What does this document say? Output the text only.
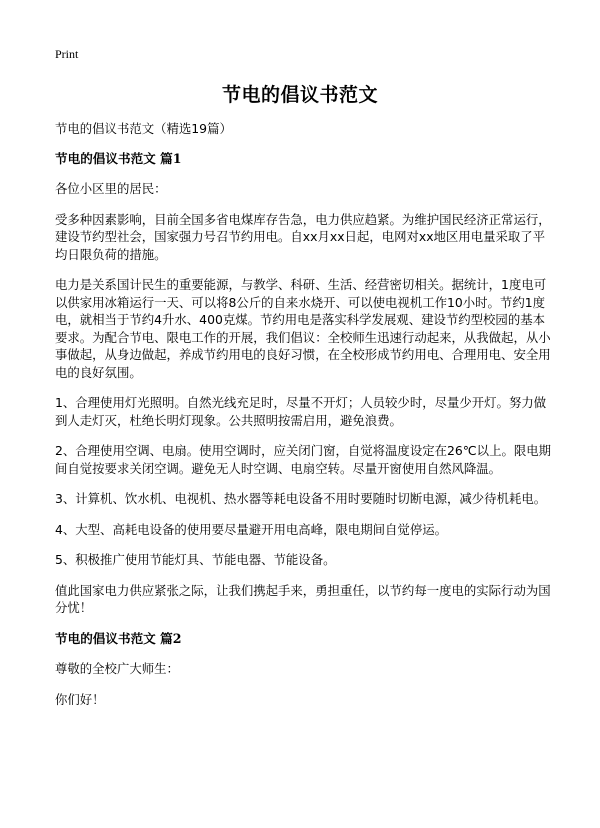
Print
节电的倡议书范文
节电的倡议书范文（精选19篇）
节电的倡议书范文 篇1
各位小区里的居民：
受多种因素影响，目前全国多省电煤库存告急，电力供应趋紧。为维护国民经济正常运行，建设节约型社会，国家强力号召节约用电。自xx月xx日起，电网对xx地区用电量采取了平均日限负荷的措施。
电力是关系国计民生的重要能源，与教学、科研、生活、经营密切相关。据统计，1度电可以供家用冰箱运行一天、可以将8公斤的自来水烧开、可以使电视机工作10小时。节约1度电，就相当于节约4升水、400克煤。节约用电是落实科学发展观、建设节约型校园的基本要求。为配合节电、限电工作的开展，我们倡议：全校师生迅速行动起来，从我做起，从小事做起，从身边做起，养成节约用电的良好习惯，在全校形成节约用电、合理用电、安全用电的良好氛围。
1、合理使用灯光照明。自然光线充足时，尽量不开灯；人员较少时，尽量少开灯。努力做到人走灯灭，杜绝长明灯现象。公共照明按需启用，避免浪费。
2、合理使用空调、电扇。使用空调时，应关闭门窗，自觉将温度设定在26℃以上。限电期间自觉按要求关闭空调。避免无人时空调、电扇空转。尽量开窗使用自然风降温。
3、计算机、饮水机、电视机、热水器等耗电设备不用时要随时切断电源，减少待机耗电。
4、大型、高耗电设备的使用要尽量避开用电高峰，限电期间自觉停运。
5、积极推广使用节能灯具、节能电器、节能设备。
值此国家电力供应紧张之际，让我们携起手来，勇担重任，以节约每一度电的实际行动为国分忧！
节电的倡议书范文 篇2
尊敬的全校广大师生：
你们好！
